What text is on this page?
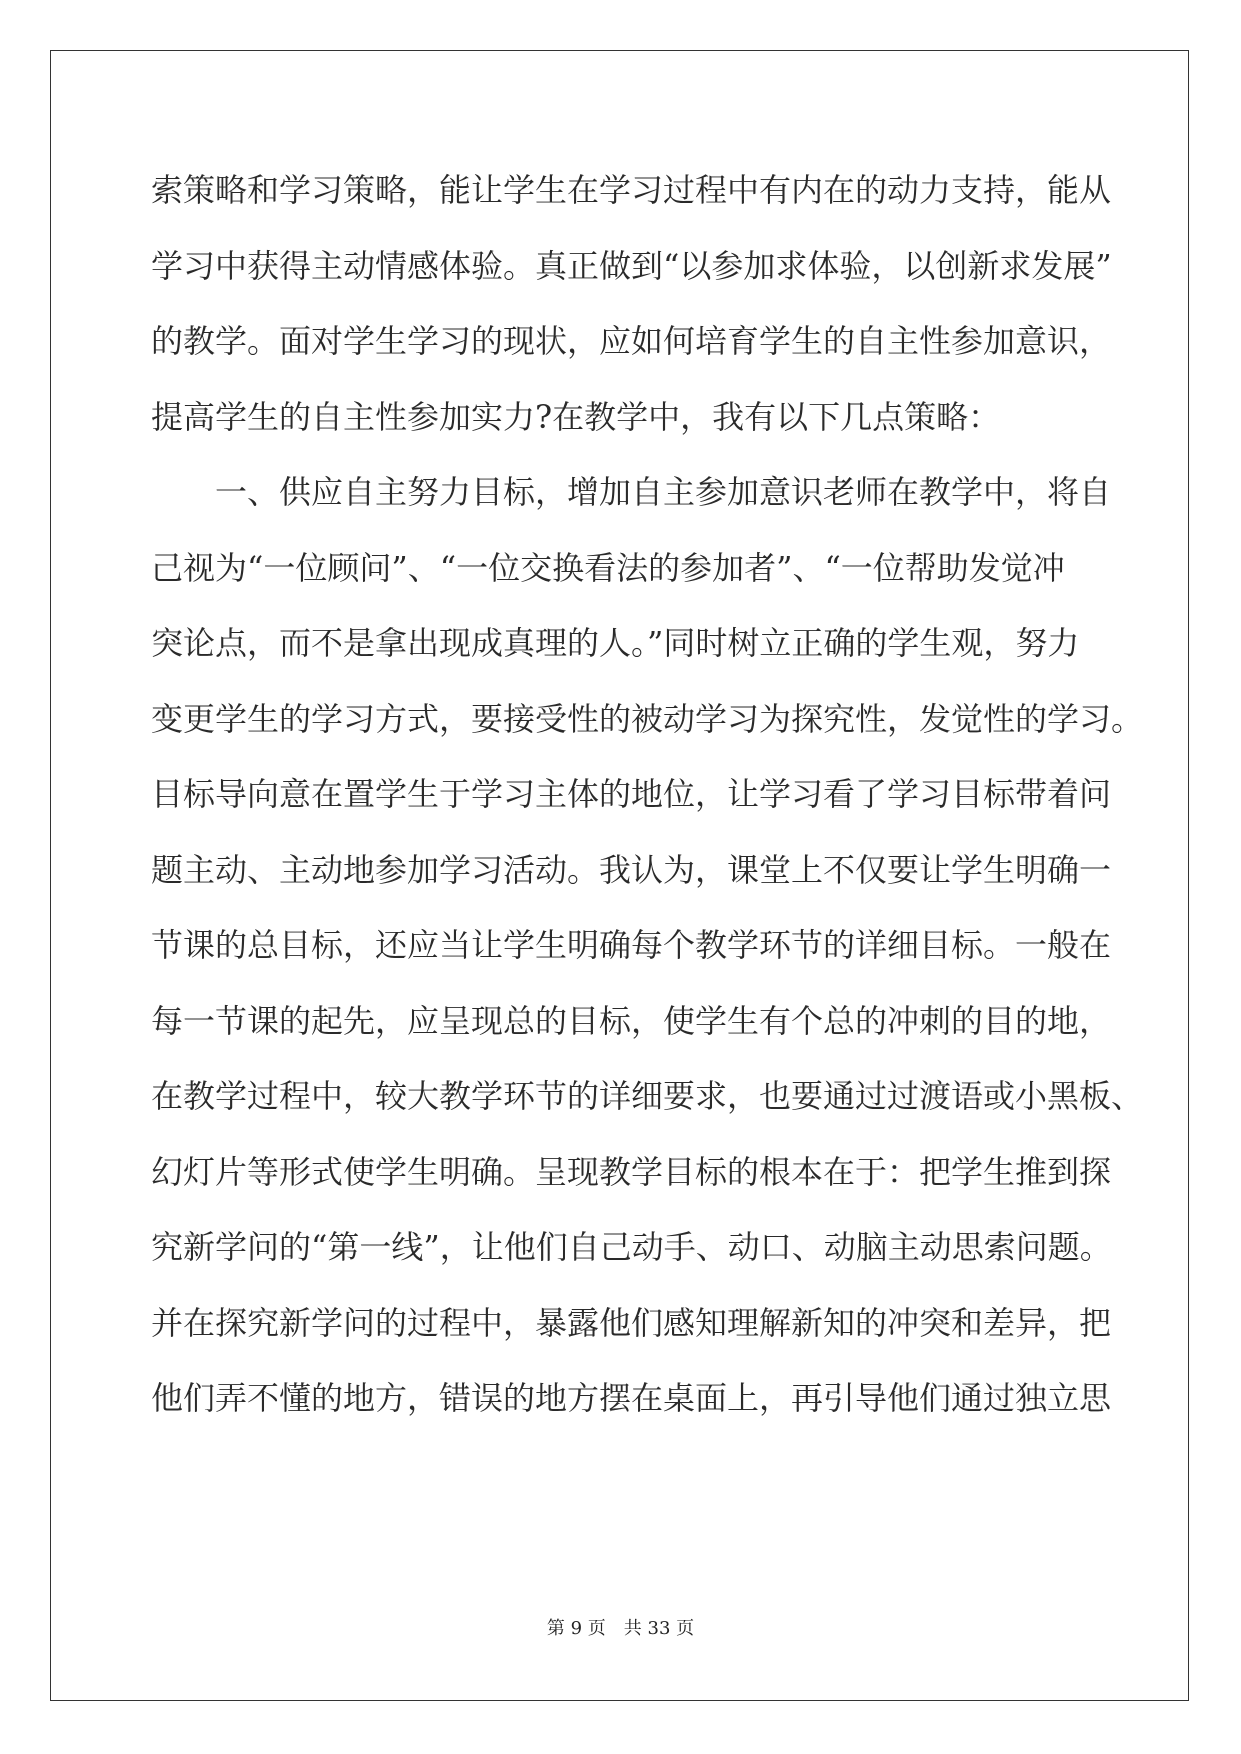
索策略和学习策略，能让学生在学习过程中有内在的动力支持，能从
学习中获得主动情感体验。真正做到“以参加求体验，以创新求发展”
的教学。面对学生学习的现状，应如何培育学生的自主性参加意识，
提高学生的自主性参加实力?在教学中，我有以下几点策略：
　　一、供应自主努力目标，增加自主参加意识老师在教学中，将自
己视为“一位顾问”、“一位交换看法的参加者”、“一位帮助发觉冲
突论点，而不是拿出现成真理的人。”同时树立正确的学生观，努力
变更学生的学习方式，要接受性的被动学习为探究性，发觉性的学习。
目标导向意在置学生于学习主体的地位，让学习看了学习目标带着问
题主动、主动地参加学习活动。我认为，课堂上不仅要让学生明确一
节课的总目标，还应当让学生明确每个教学环节的详细目标。一般在
每一节课的起先，应呈现总的目标，使学生有个总的冲刺的目的地，
在教学过程中，较大教学环节的详细要求，也要通过过渡语或小黑板、
幻灯片等形式使学生明确。呈现教学目标的根本在于：把学生推到探
究新学问的“第一线”，让他们自己动手、动口、动脑主动思索问题。
并在探究新学问的过程中，暴露他们感知理解新知的冲突和差异，把
他们弄不懂的地方，错误的地方摆在桌面上，再引导他们通过独立思
第 9 页　共 33 页
